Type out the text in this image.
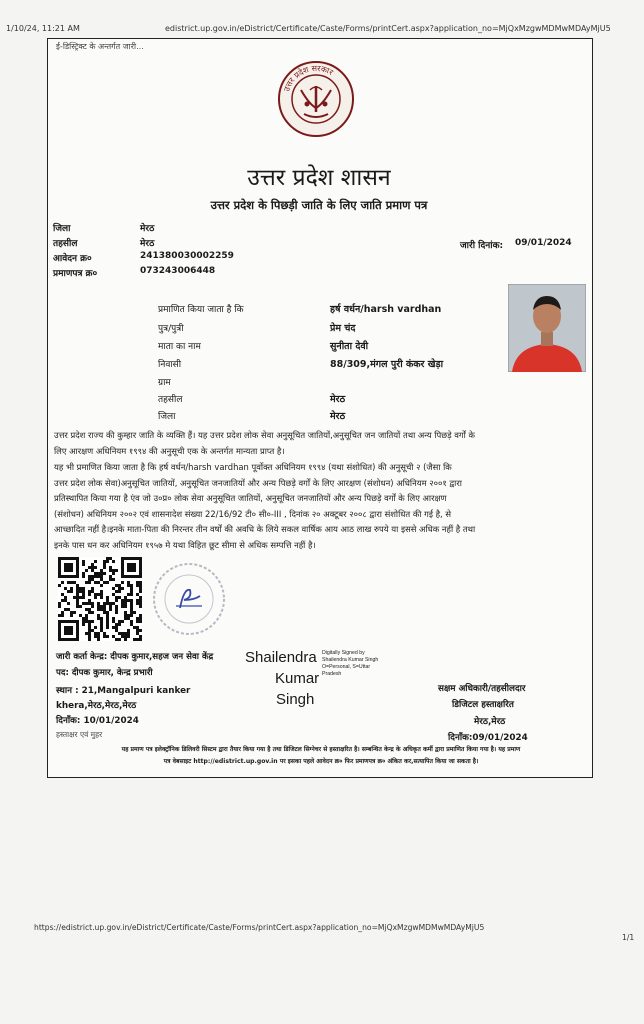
1/10/24, 11:21 AM	edistrict.up.gov.in/eDistrict/Certificate/Caste/Forms/printCert.aspx?application_no=MjQxMzgwMDMwMDAyMjU5
ई-डिस्ट्रिक्ट के अन्तर्गत जारी...
उत्तर प्रदेश सरकार
उत्तर प्रदेश शासन
उत्तर प्रदेश के पिछड़ी जाति के लिए जाति प्रमाण पत्र
जिला	मेरठ
तहसील	मेरठ
आवेदन क्र०	241380030002259
प्रमाणपत्र क्र०	073243006448
जारी दिनांक: 09/01/2024
प्रमाणित किया जाता है कि	हर्ष वर्धन/harsh vardhan
पुत्र/पुत्री	प्रेम चंद
माता का नाम	सुनीता देवी
निवासी	88/309,मंगल पुरी कंकर खेड़ा
ग्राम
तहसील	मेरठ
जिला	मेरठ
उत्तर प्रदेश राज्य की कुम्हार जाति के व्यक्ति हैं। यह उत्तर प्रदेश लोक सेवा अनुसूचित जातियों,अनुसूचित जन जातियों तथा अन्य पिछड़े वर्गों के
लिए आरक्षण अधिनियम १९९४ की अनुसूची एक के अन्तर्गत मान्यता प्राप्त है।
यह भी प्रमाणित किया जाता है कि हर्ष वर्धन/harsh vardhan पूर्वोक्त अधिनियम १९९४ (यथा संशोधित) की अनुसूची २ (जैसा कि
उत्तर प्रदेश लोक सेवा)अनुसूचित जातियों, अनुसूचित जनजातियों और अन्य पिछड़े वर्गों के लिए आरक्षण (संशोधन) अधिनियम २००१ द्वारा
प्रतिस्थापित किया गया है एंव जो उ०प्र० लोक सेवा अनुसूचित जातियों, अनुसूचित जनजातियों और अन्य पिछड़े वर्गों के लिए आरक्षण
(संशोधन) अधिनियम २००२ एवं शासनादेश संख्या 22/16/92 टी० सी०-III , दिनांक २० अक्टूबर २००८ द्वारा संशोधित की गई है, से
आच्छादित नहीं है।इनके माता-पिता की निरन्तर तीन वर्षों की अवधि के लिये सकल वार्षिक आय आठ लाख रुपये या इससे अधिक नहीं है तथा
इनके पास धन कर अधिनियम १९५७ मे यथा विहित छूट सीमा से अधिक सम्पत्ति नहीं है।
जारी कर्ता केन्द्र: दीपक कुमार,सहज जन सेवा केंद्र
पद: दीपक कुमार, केन्द्र प्रभारी
स्थान : 21,Mangalpuri kanker
khera,मेरठ,मेरठ,मेरठ
दिनाँक: 10/01/2024
हस्ताक्षर एवं मुहर
Shailendra
Kumar
Singh
Digitally Signed by
Shailendra Kumar Singh
O=Personal, S=Uttar
Pradesh
सक्षम अधिकारी/तहसीलदार
डिजिटल हस्ताक्षरित
मेरठ,मेरठ
दिनाँक:09/01/2024
यह प्रमाण पत्र इलेक्ट्रॉनिक डिलिवरी सिस्टम द्वारा तैयार किया गया है तथा डिजिटल सिग्नेचर से हस्ताक्षरित है। सम्बन्धित केन्द्र के अधिकृत कर्मी द्वारा प्रमाणित किया गया है। यह प्रमाण
पत्र वेबसाइट http://edistrict.up.gov.in पर इसका पहले आवेदन क्र० फिर प्रमाणपत्र क्र० अंकित कर,सत्यापित किया जा सकता है।
https://edistrict.up.gov.in/eDistrict/Certificate/Caste/Forms/printCert.aspx?application_no=MjQxMzgwMDMwMDAyMjU5
1/1
